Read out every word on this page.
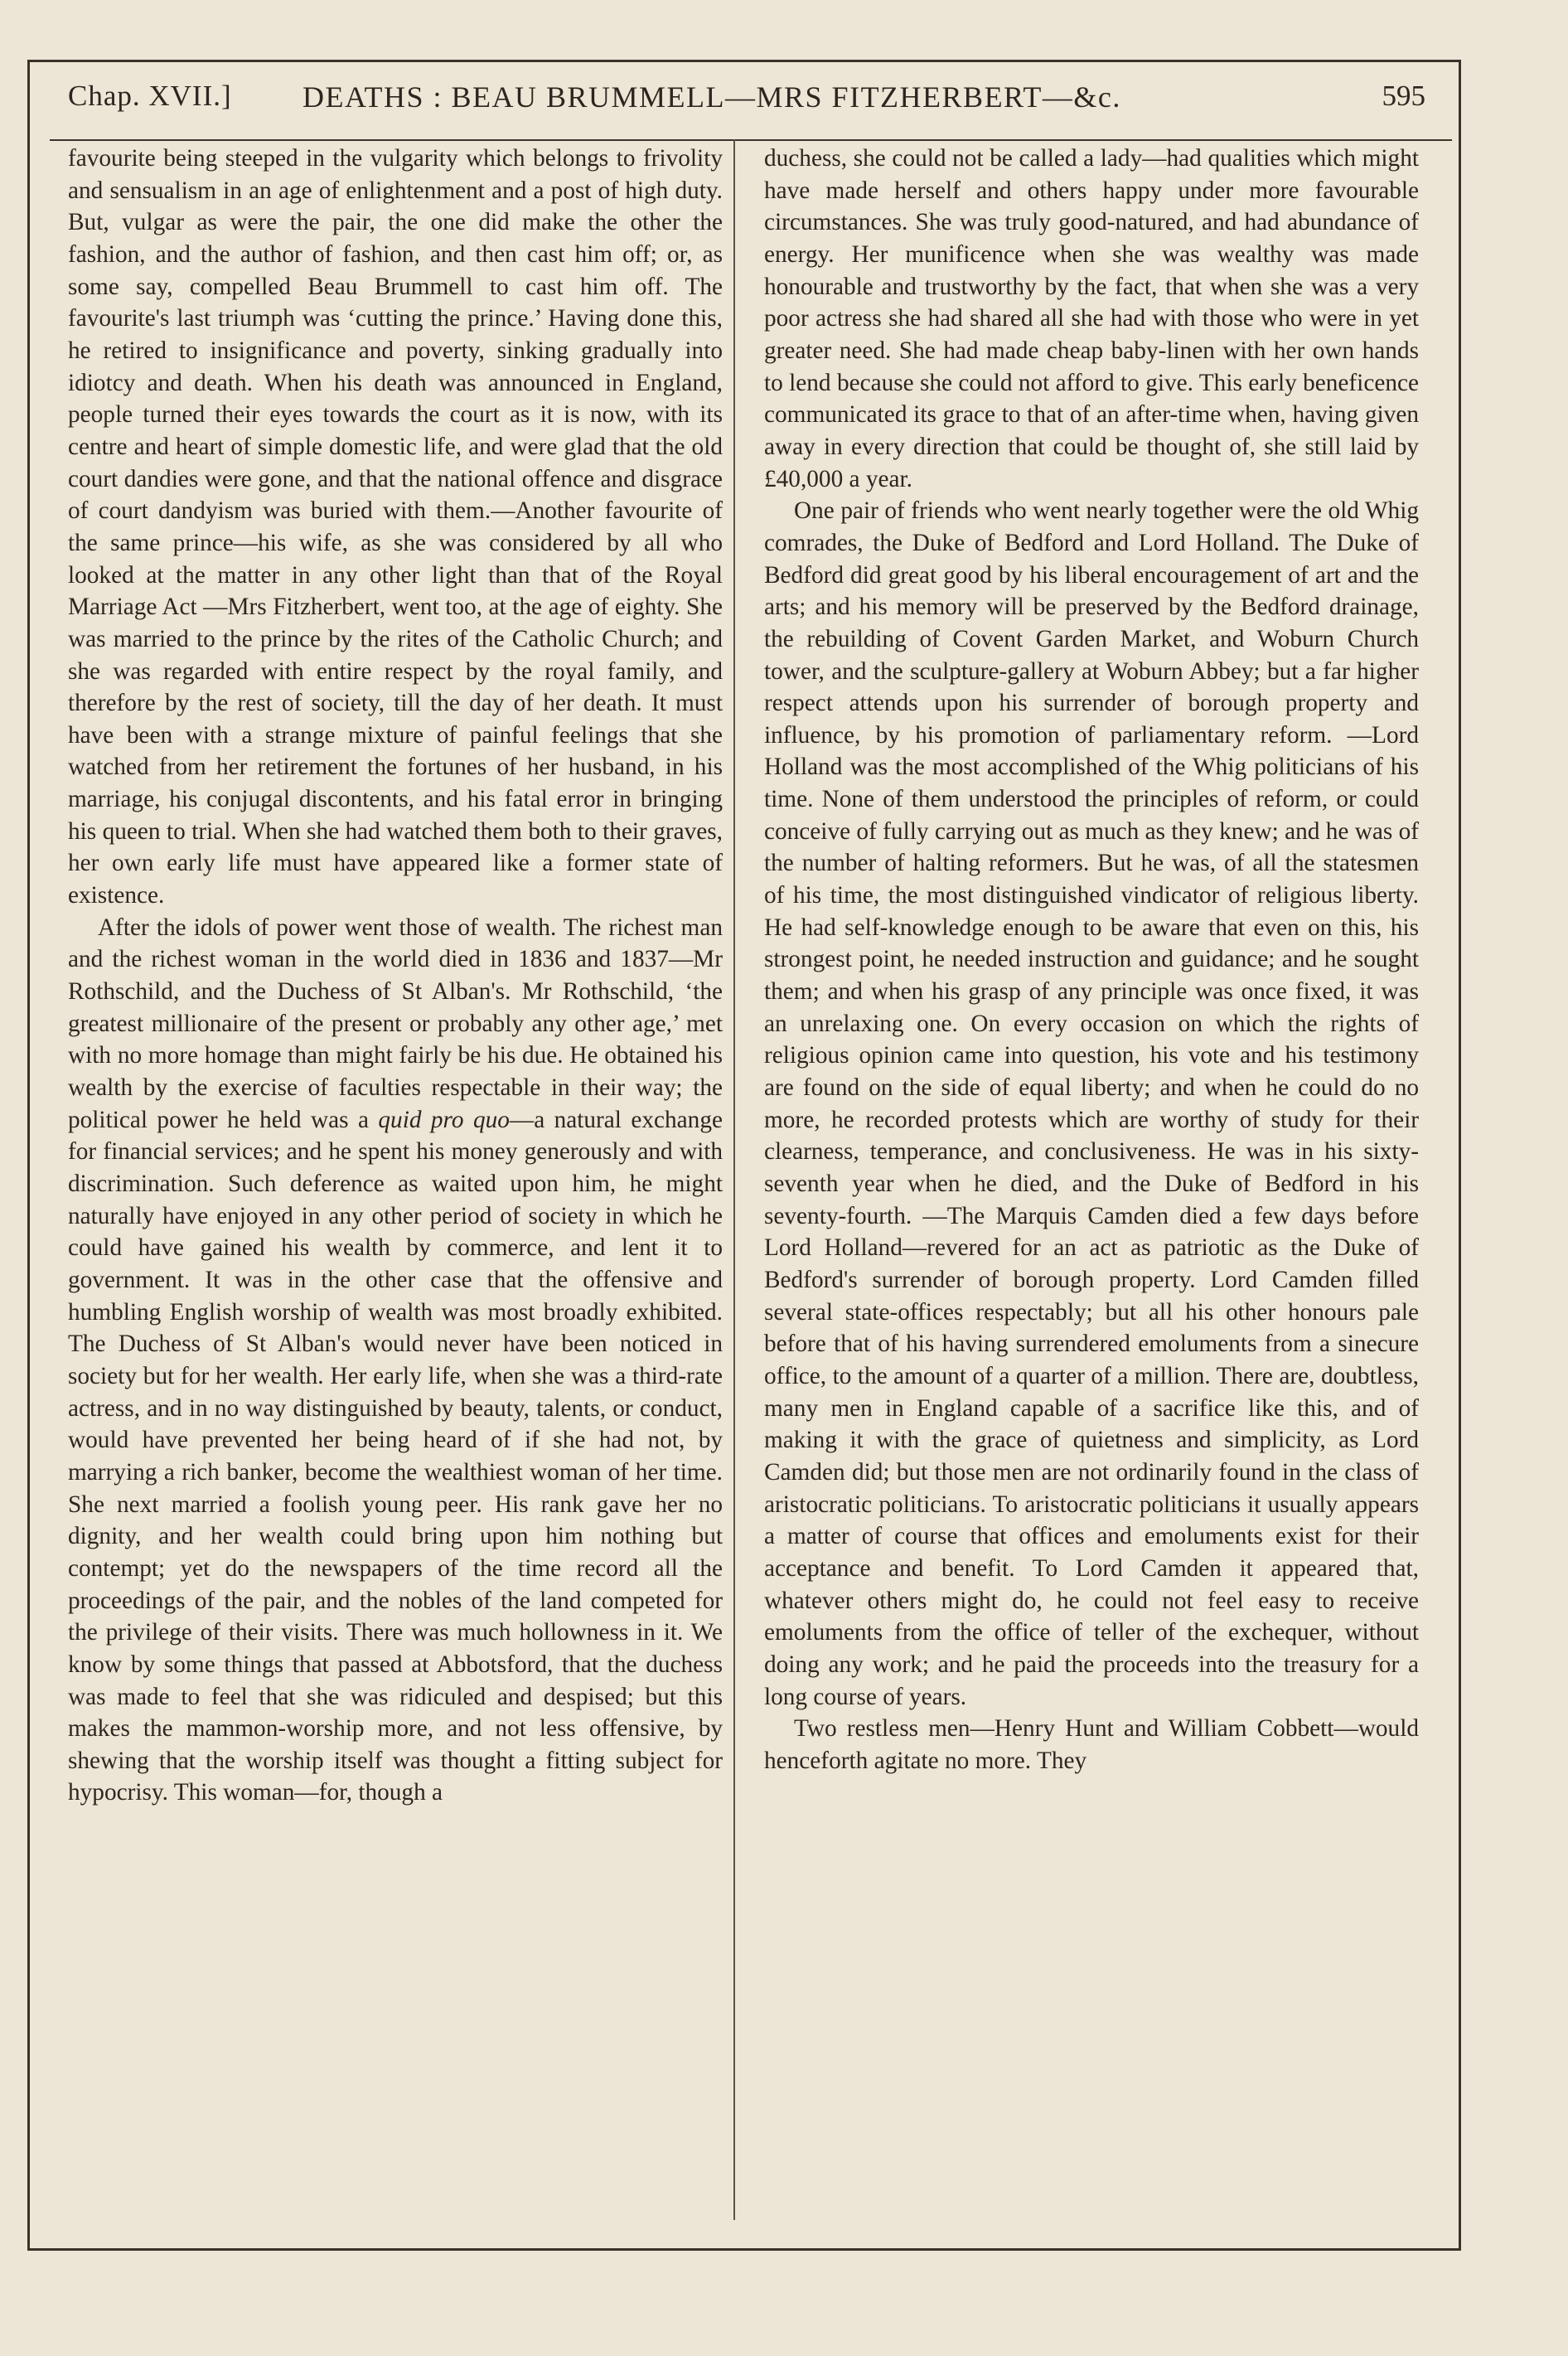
Chap. XVII.] DEATHS : BEAU BRUMMELL—MRS FITZHERBERT—&c.	595

favourite being steeped in the vulgarity which belongs to frivolity and sensualism in an age of enlightenment and a post of high duty. But, vulgar as were the pair, the one did make the other the fashion, and the author of fashion, and then cast him off; or, as some say, compelled Beau Brummell to cast him off. The favourite's last triumph was ‘cutting the prince.’ Having done this, he retired to insignificance and poverty, sinking gradually into idiotcy and death. When his death was announced in England, people turned their eyes towards the court as it is now, with its centre and heart of simple domestic life, and were glad that the old court dandies were gone, and that the national offence and disgrace of court dandyism was buried with them.—Another favourite of the same prince—his wife, as she was considered by all who looked at the matter in any other light than that of the Royal Marriage Act —Mrs Fitzherbert, went too, at the age of eighty. She was married to the prince by the rites of the Catholic Church; and she was regarded with entire respect by the royal family, and therefore by the rest of society, till the day of her death. It must have been with a strange mixture of painful feelings that she watched from her retirement the fortunes of her husband, in his marriage, his conjugal discontents, and his fatal error in bringing his queen to trial. When she had watched them both to their graves, her own early life must have appeared like a former state of existence.

After the idols of power went those of wealth. The richest man and the richest woman in the world died in 1836 and 1837—Mr Rothschild, and the Duchess of St Alban's. Mr Rothschild, ‘the greatest millionaire of the present or probably any other age,’ met with no more homage than might fairly be his due. He obtained his wealth by the exercise of faculties respectable in their way; the political power he held was a quid pro quo—a natural exchange for financial services; and he spent his money generously and with discrimination. Such deference as waited upon him, he might naturally have enjoyed in any other period of society in which he could have gained his wealth by commerce, and lent it to government. It was in the other case that the offensive and humbling English worship of wealth was most broadly exhibited. The Duchess of St Alban's would never have been noticed in society but for her wealth. Her early life, when she was a third-rate actress, and in no way distinguished by beauty, talents, or conduct, would have prevented her being heard of if she had not, by marrying a rich banker, become the wealthiest woman of her time. She next married a foolish young peer. His rank gave her no dignity, and her wealth could bring upon him nothing but contempt; yet do the newspapers of the time record all the proceedings of the pair, and the nobles of the land competed for the privilege of their visits. There was much hollowness in it. We know by some things that passed at Abbotsford, that the duchess was made to feel that she was ridiculed and despised; but this makes the mammon-worship more, and not less offensive, by shewing that the worship itself was thought a fitting subject for hypocrisy. This woman—for, though a

duchess, she could not be called a lady—had qualities which might have made herself and others happy under more favourable circumstances. She was truly good-natured, and had abundance of energy. Her munificence when she was wealthy was made honourable and trustworthy by the fact, that when she was a very poor actress she had shared all she had with those who were in yet greater need. She had made cheap baby-linen with her own hands to lend because she could not afford to give. This early beneficence communicated its grace to that of an after-time when, having given away in every direction that could be thought of, she still laid by £40,000 a year.

One pair of friends who went nearly together were the old Whig comrades, the Duke of Bedford and Lord Holland. The Duke of Bedford did great good by his liberal encouragement of art and the arts; and his memory will be preserved by the Bedford drainage, the rebuilding of Covent Garden Market, and Woburn Church tower, and the sculpture-gallery at Woburn Abbey; but a far higher respect attends upon his surrender of borough property and influence, by his promotion of parliamentary reform. —Lord Holland was the most accomplished of the Whig politicians of his time. None of them understood the principles of reform, or could conceive of fully carrying out as much as they knew; and he was of the number of halting reformers. But he was, of all the statesmen of his time, the most distinguished vindicator of religious liberty. He had self-knowledge enough to be aware that even on this, his strongest point, he needed instruction and guidance; and he sought them; and when his grasp of any principle was once fixed, it was an unrelaxing one. On every occasion on which the rights of religious opinion came into question, his vote and his testimony are found on the side of equal liberty; and when he could do no more, he recorded protests which are worthy of study for their clearness, temperance, and conclusiveness. He was in his sixty-seventh year when he died, and the Duke of Bedford in his seventy-fourth. —The Marquis Camden died a few days before Lord Holland—revered for an act as patriotic as the Duke of Bedford's surrender of borough property. Lord Camden filled several state-offices respectably; but all his other honours pale before that of his having surrendered emoluments from a sinecure office, to the amount of a quarter of a million. There are, doubtless, many men in England capable of a sacrifice like this, and of making it with the grace of quietness and simplicity, as Lord Camden did; but those men are not ordinarily found in the class of aristocratic politicians. To aristocratic politicians it usually appears a matter of course that offices and emoluments exist for their acceptance and benefit. To Lord Camden it appeared that, whatever others might do, he could not feel easy to receive emoluments from the office of teller of the exchequer, without doing any work; and he paid the proceeds into the treasury for a long course of years.

Two restless men—Henry Hunt and William Cobbett—would henceforth agitate no more. They
